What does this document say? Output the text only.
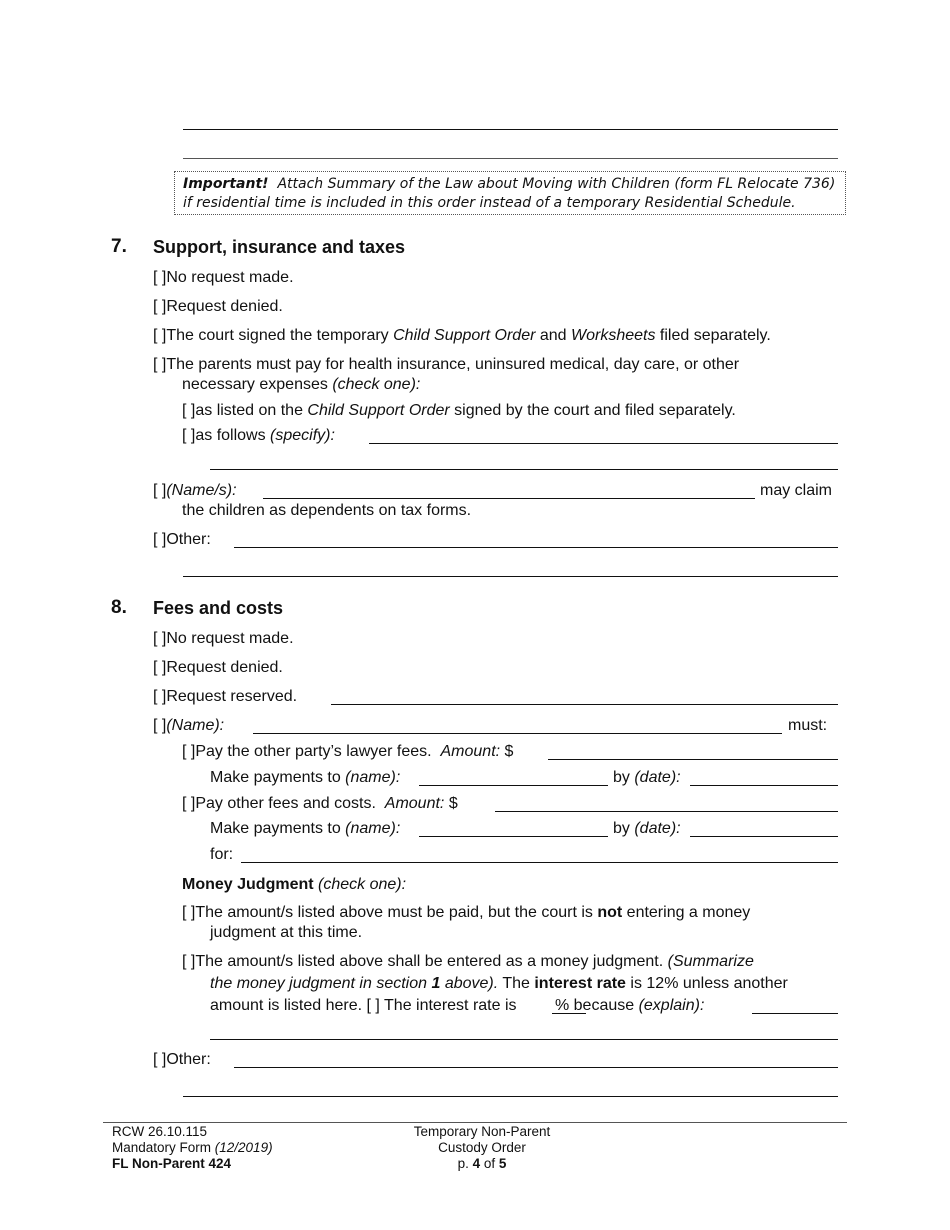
Important! Attach Summary of the Law about Moving with Children (form FL Relocate 736) if residential time is included in this order instead of a temporary Residential Schedule.
7. Support, insurance and taxes
[ ]No request made.
[ ]Request denied.
[ ]The court signed the temporary Child Support Order and Worksheets filed separately.
[ ]The parents must pay for health insurance, uninsured medical, day care, or other
necessary expenses (check one):
[ ]as listed on the Child Support Order signed by the court and filed separately.
[ ]as follows (specify):
[ ](Name/s):	may claim
the children as dependents on tax forms.
[ ]Other:
8. Fees and costs
[ ]No request made.
[ ]Request denied.
[ ]Request reserved.
[ ](Name):	must:
[ ]Pay the other party’s lawyer fees. Amount: $
Make payments to (name):	by (date):
[ ]Pay other fees and costs. Amount: $
Make payments to (name):	by (date):
for:
Money Judgment (check one):
[ ]The amount/s listed above must be paid, but the court is not entering a money
judgment at this time.
[ ]The amount/s listed above shall be entered as a money judgment. (Summarize
the money judgment in section 1 above). The interest rate is 12% unless another
amount is listed here. [ ] The interest rate is % because (explain):
[ ]Other:
RCW 26.10.115
Mandatory Form (12/2019)
FL Non-Parent 424
Temporary Non-Parent
Custody Order
p. 4 of 5
